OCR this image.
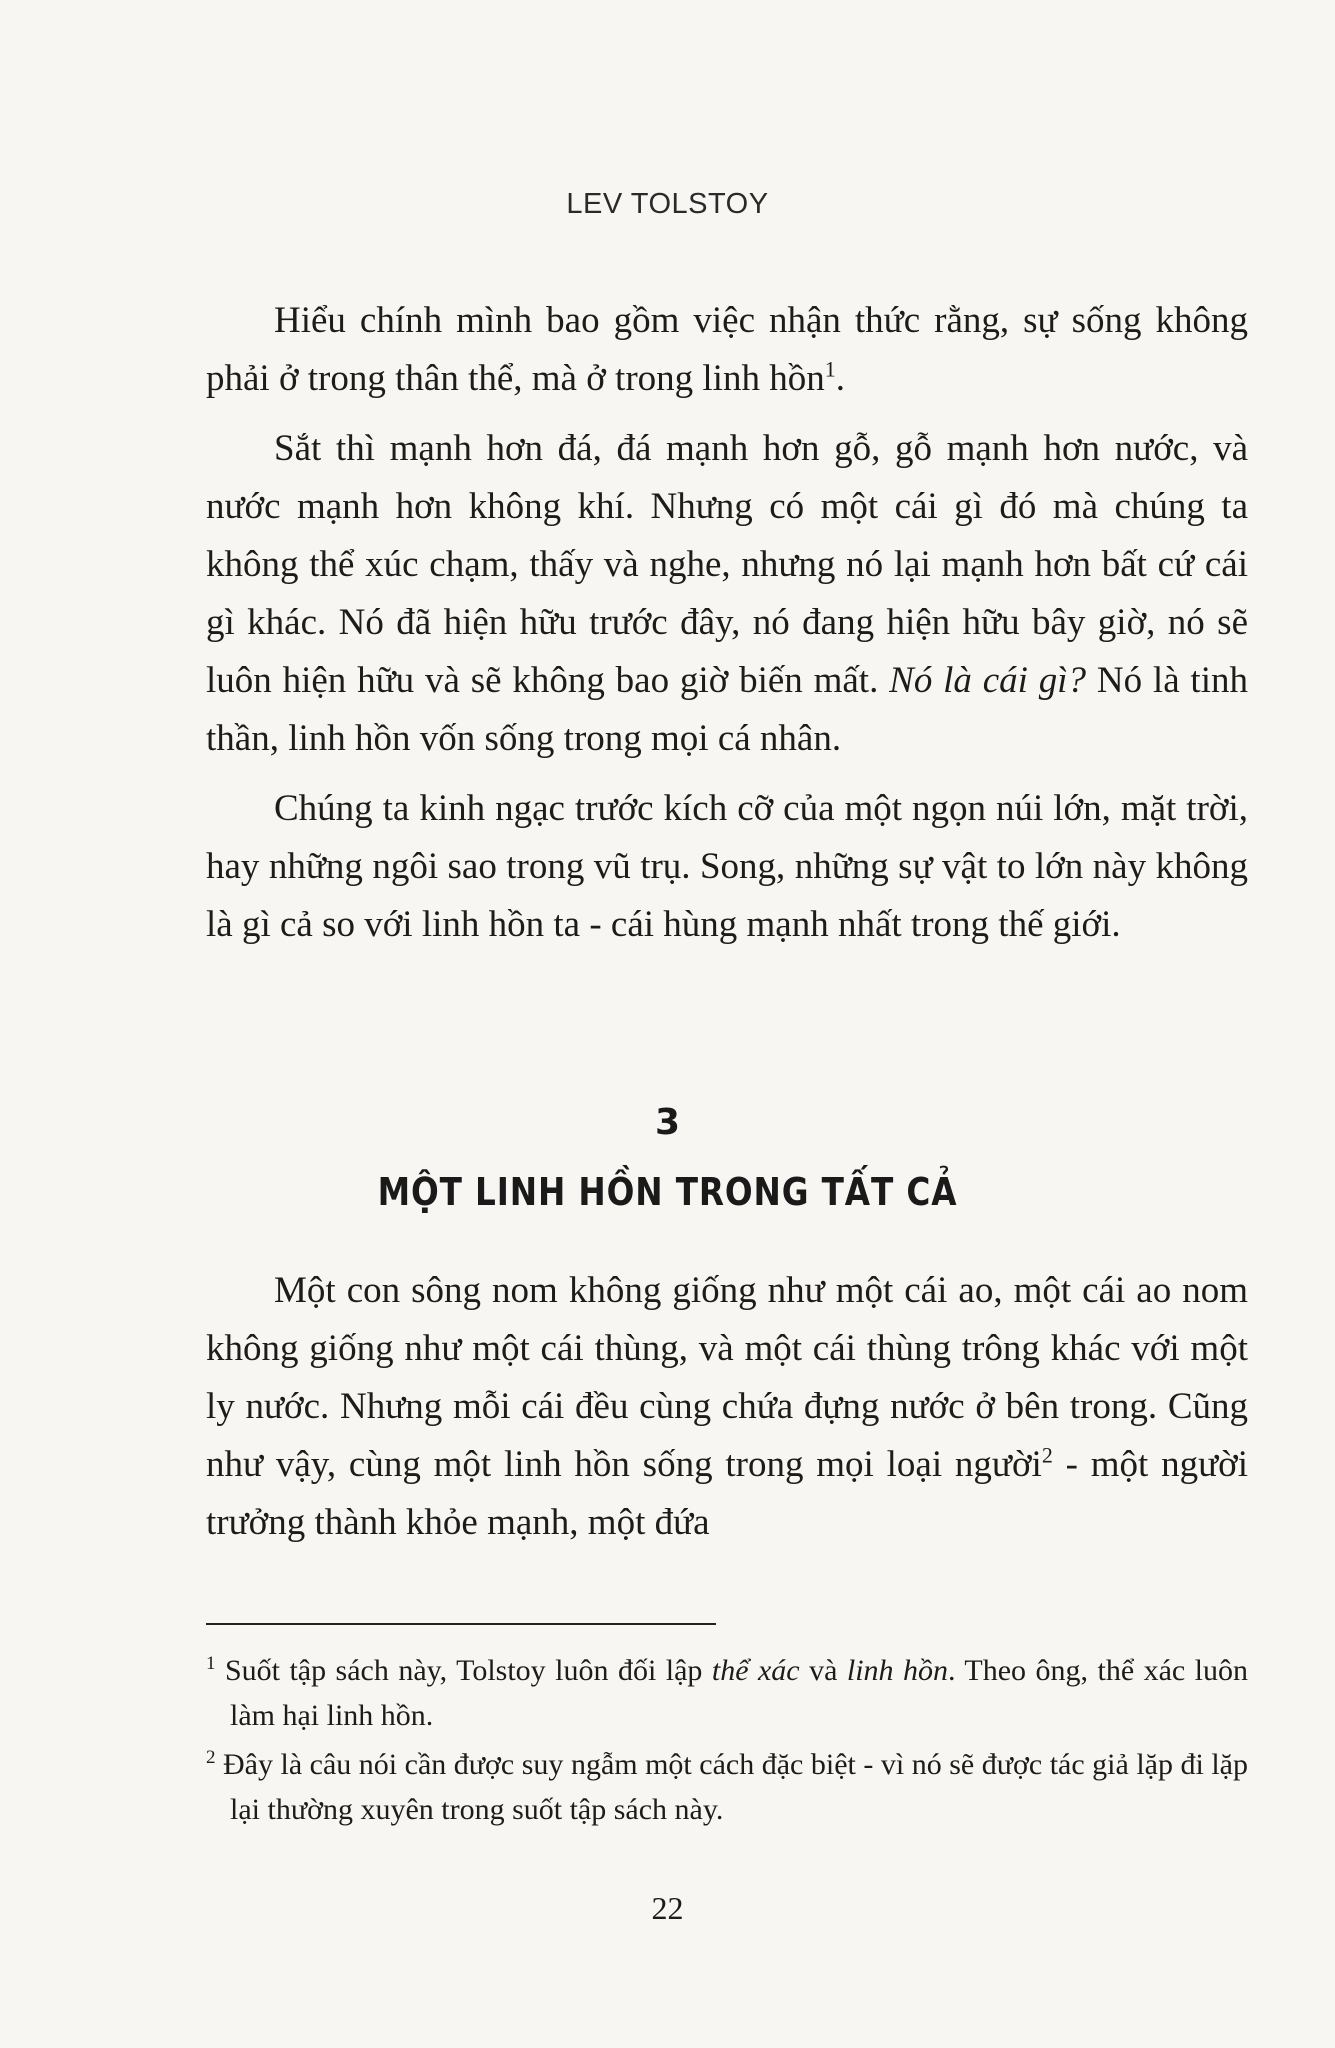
LEV TOLSTOY

Hiểu chính mình bao gồm việc nhận thức rằng, sự sống không phải ở trong thân thể, mà ở trong linh hồn$^1$.

Sắt thì mạnh hơn đá, đá mạnh hơn gỗ, gỗ mạnh hơn nước, và nước mạnh hơn không khí. Nhưng có một cái gì đó mà chúng ta không thể xúc chạm, thấy và nghe, nhưng nó lại mạnh hơn bất cứ cái gì khác. Nó đã hiện hữu trước đây, nó đang hiện hữu bây giờ, nó sẽ luôn hiện hữu và sẽ không bao giờ biến mất. Nó là cái gì? Nó là tinh thần, linh hồn vốn sống trong mọi cá nhân.

Chúng ta kinh ngạc trước kích cỡ của một ngọn núi lớn, mặt trời, hay những ngôi sao trong vũ trụ. Song, những sự vật to lớn này không là gì cả so với linh hồn ta - cái hùng mạnh nhất trong thế giới.

3
MỘT LINH HỒN TRONG TẤT CẢ

Một con sông nom không giống như một cái ao, một cái ao nom không giống như một cái thùng, và một cái thùng trông khác với một ly nước. Nhưng mỗi cái đều cùng chứa đựng nước ở bên trong. Cũng như vậy, cùng một linh hồn sống trong mọi loại người$^2$ - một người trưởng thành khỏe mạnh, một đứa

$^1$ Suốt tập sách này, Tolstoy luôn đối lập thể xác và linh hồn. Theo ông, thể xác luôn làm hại linh hồn.

$^2$ Đây là câu nói cần được suy ngẫm một cách đặc biệt - vì nó sẽ được tác giả lặp đi lặp lại thường xuyên trong suốt tập sách này.

22
